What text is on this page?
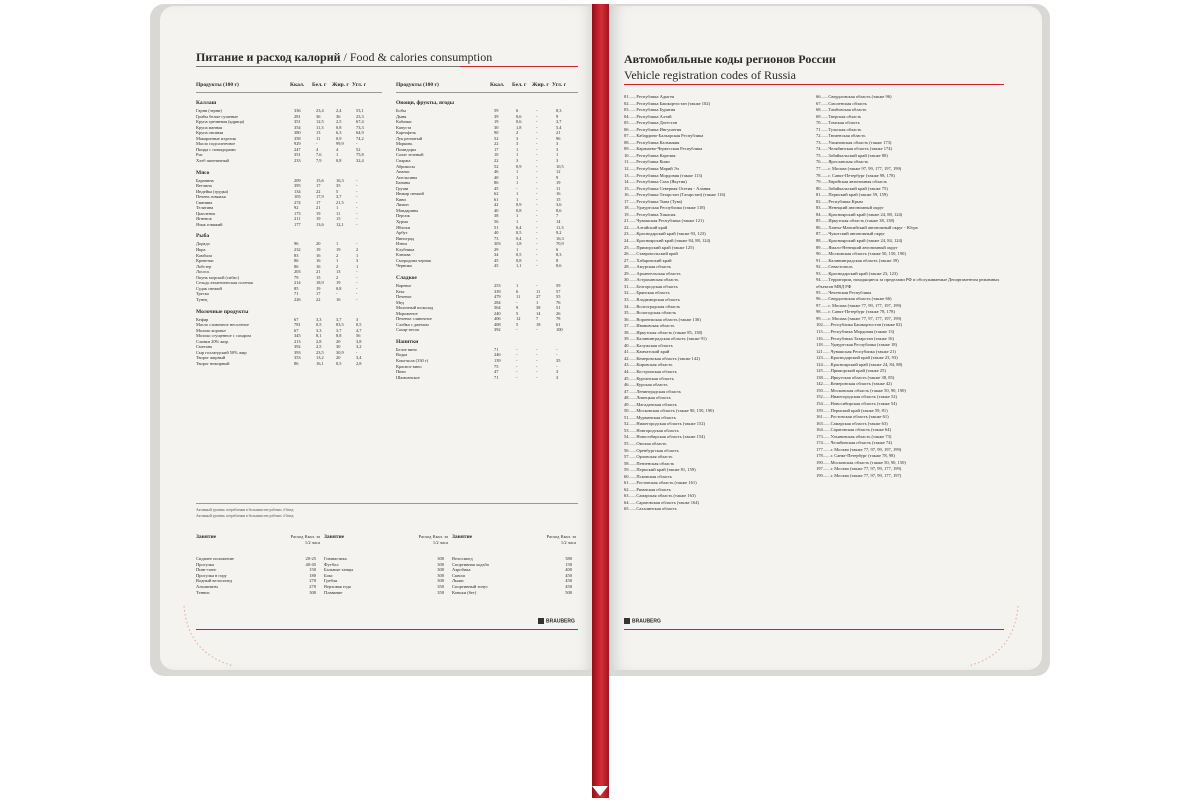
Питание и расход калорий / Food & calories consumption
Продукты (100 г)	Ккал. Бел. г Жир. г Угл. г	Продукты (100 г)	Ккал. Бел. г Жир. г Угл. г
Каллаш
Гарни (зерни)	336	23,4	2,4	53,1
Грибы белые сушеные	281	36	36	23,3
Крупа гречневая (ядрица)	351	12,5	2,5	67,4
Крупа манная	354	11,3	0,8	73,3
Крупа овсяная	380	13	6,3	64,9
Макаронные изделия	358	11	0,9	74,2
Масло подсолнечное	929	-	99,9	-
Пицца с помидорами	247	4	4	52
Рис	351	7,6	1	75,8
Хлеб пшеничный	233	7,9	0,8	32,4
Мясо
Баранина	209	15,6	16,3	-
Ветчина	395	17	35	-
Индейка (грудка)	134	22	5	-
Печень говяжья	105	17,9	3,7	-
Свинина	274	17	21,5	-
Телятина	92	21	1	-
Цыпленок	173	19	11	-
Ягненок	211	19	15	-
Язык говяжий	177	13,6	12,1	-
Рыба
Дорадо	96	20	1	-
Икра	232	19	19	2
Камбала	83	16	2	1
Креветки	86	16	1	3
Лобстер	86	16	2	1
Лосось	203	21	13	-
Окунь морской (сибас)	79	15	2	-
Сельдь атлантическая соленая	214	18,9	19	-
Судак свежий	85	19	0,8	-
Треска	71	17	-	-
Тунец	226	22	16	-
Молочные продукты
Кефир	67	3,3	3,7	3
Масло сливочное несоленое	781	0,5	83,5	0,5
Молоко коровье	67	3,3	3,7	4,7
Молоко сгущенное с сахаром	345	8,1	8,8	56
Сливки 20% жир.	213	2,8	20	3,8
Сметана	392	2,5	30	3,2
Сыр голландский 50% жир	393	23,5	30,9	-
Творог жирный	353	13,2	20	3,4
Творог нежирный	86	16,1	0,5	2,8
Овощи, фрукты, ягоды
Бобы	59	6	-	8,3
Дыня	39	0,6	-	9
Кабачки	19	0,6	-	3,7
Капуста	30	1,8	-	5,4
Картофель	90	2	-	21
Лук репчатый	52	3	-	96
Морковь	22	3	-	3
Помидоры	17	1	-	3
Салат зеленый	10	1	-	1
Спаржа	22	3	-	3
Абрикосы	52	0,9	-	10,5
Ананас	46	1	-	12
Апельсины	40	1	-	9
Бананы	86	1	-	19
Груши	45	-	-	11
Инжир свежий	62	1	-	16
Киви	61	1	-	15
Лимон	42	0,9	-	3,6
Мандарины	40	0,8	-	8,6
Персик	38	1	-	7
Хурма	56	1	-	14
Яблоки	51	0,4	-	11,3
Арбуз	40	0,5	-	9,2
Виноград	73	0,4	-	16,3
Изюм	303	1,8	-	70,9
Клубника	29	1	-	6
Клюква	34	0,5	-	8,3
Смородина черная	45	0,8	-	8
Черника	45	1,1	-	8,6
Сладкое
Варенье	253	1	-	59
Кекс	339	6	11	57
Печенье	479	11	27	55
Мед	284	-	1	76
Молочный шоколад	564	9	38	51
Мороженое	240	5	14	26
Печенье сливочное	406	12	7	78
Слойка с джемом	408	5	18	61
Сахар-песок	392	-	-	100
Напитки
Белое вино	71	-	-	-
Водка	246	-	-	-
Кока-кола (330 г)	139	-	-	35
Красное вино	75	-	-	-
Пиво	47	-	-	3
Шампанское	71	-	-	3
Активный уровень потребления в большинстве рабочих 4 блюд
Активный уровень потребления в большинстве рабочих 4 блюд
Занятие	Расход Ккал. за 1/2 часа
Сидячее положение	20-25
Прогулка	40-45
Пинг-понг	150
Прогулка в гору	180
Водный велосипед	270
Альпинизм	270
Теннис	300
Занятие	Расход Ккал. за 1/2 часа
Гимнастика	300
Футбол	300
Бальные танцы	300
Бокс	300
Гребля	300
Верховая езда	350
Плавание	350
Занятие	Расход Ккал. за 1/2 часа
Велосипед	380
Спортивная ходьба	150
Аэробика	400
Сквош	450
Лыжи	450
Спортивный тонус	450
Коньки (бег)	500
BRAUBERG
Автомобильные коды регионов России
Vehicle registration codes of Russia
01.......Республика Адыгея
02.......Республика Башкортостан (также 102)
03.......Республика Бурятия
04.......Республика Алтай
05.......Республика Дагестан
06.......Республика Ингушетия
07.......Кабардино-Балкарская Республика
08.......Республика Калмыкия
09.......Карачаево-Черкесская Республика
10.......Республика Карелия
11.......Республика Коми
12.......Республика Марий Эл
13.......Республика Мордовия (также 113)
14.......Республика Саха (Якутия)
15.......Республика Северная Осетия - Алания
16.......Республика Татарстан (Татарстан) (также 116)
17.......Республика Тыва (Тува)
18.......Удмуртская Республика (также 118)
19.......Республика Хакасия
21.......Чувашская Республика (также 121)
22.......Алтайский край
23.......Краснодарский край (также 93, 123)
24.......Красноярский край (также 84, 88, 124)
25.......Приморский край (также 125)
26.......Ставропольский край
27.......Хабаровский край
28.......Амурская область
29.......Архангельская область
30.......Астраханская область
31.......Белгородская область
32.......Брянская область
33.......Владимирская область
34.......Волгоградская область
35.......Вологодская область
36.......Воронежская область (также 136)
37.......Ивановская область
38.......Иркутская область (также 85, 138)
39.......Калининградская область (также 91)
40.......Калужская область
41.......Камчатский край
42.......Кемеровская область (также 142)
43.......Кировская область
44.......Костромская область
45.......Курганская область
46.......Курская область
47.......Ленинградская область
48.......Липецкая область
49.......Магаданская область
50.......Московская область (также 90, 150, 190)
51.......Мурманская область
52.......Нижегородская область (также 152)
53.......Новгородская область
54.......Новосибирская область (также 154)
55.......Омская область
56.......Оренбургская область
57.......Орловская область
58.......Пензенская область
59.......Пермский край (также 81, 159)
60.......Псковская область
61.......Ростовская область (также 161)
62.......Рязанская область
63.......Самарская область (также 163)
64.......Саратовская область (также 164)
65.......Сахалинская область
66.......Свердловская область (также 96)
67.......Смоленская область
68.......Тамбовская область
69.......Тверская область
70.......Томская область
71.......Тульская область
72.......Тюменская область
73.......Ульяновская область (также 173)
74.......Челябинская область (также 174)
75.......Забайкальский край (также 80)
76.......Ярославская область
77.......г. Москва (также 97, 99, 177, 197, 199)
78.......г. Санкт-Петербург (также 98, 178)
79.......Еврейская автономная область
80.......Забайкальский край (также 75)
81.......Пермский край (также 59, 159)
82.......Республика Крым
83.......Ненецкий автономный округ
84.......Красноярский край (также 24, 88, 124)
85.......Иркутская область (также 38, 138)
86.......Ханты-Мансийский автономный округ - Югра
87.......Чукотский автономный округ
88.......Красноярский край (также 24, 84, 124)
89.......Ямало-Ненецкий автономный округ
90.......Московская область (также 50, 150, 190)
91.......Калининградская область (также 39)
92.......Севастополь
93.......Краснодарский край (также 23, 123)
94.......Территории, находящиеся за пределами РФ и обслуживаемые Департаментом режимных объектов МВД РФ
95.......Чеченская Республика
96.......Свердловская область (также 66)
97.......г. Москва (также 77, 99, 177, 197, 199)
98.......г. Санкт-Петербург (также 78, 178)
99.......г. Москва (также 77, 97, 177, 197, 199)
102.......Республика Башкортостан (также 02)
113.......Республика Мордовия (также 13)
116.......Республика Татарстан (также 16)
118.......Удмуртская Республика (также 18)
121.......Чувашская Республика (также 21)
123.......Краснодарский край (также 23, 93)
124.......Красноярский край (также 24, 84, 88)
125.......Приморский край (также 25)
138.......Иркутская область (также 38, 85)
142.......Кемеровская область (также 42)
150.......Московская область (также 50, 90, 190)
152.......Нижегородская область (также 52)
154.......Новосибирская область (также 54)
159.......Пермский край (также 59, 81)
161.......Ростовская область (также 61)
163.......Самарская область (также 63)
164.......Саратовская область (также 64)
173.......Ульяновская область (также 73)
174.......Челябинская область (также 74)
177.......г. Москва (также 77, 97, 99, 197, 199)
178.......г. Санкт-Петербург (также 78, 98)
190.......Московская область (также 50, 90, 150)
197.......г. Москва (также 77, 97, 99, 177, 199)
199.......г. Москва (также 77, 97, 99, 177, 197)
BRAUBERG
